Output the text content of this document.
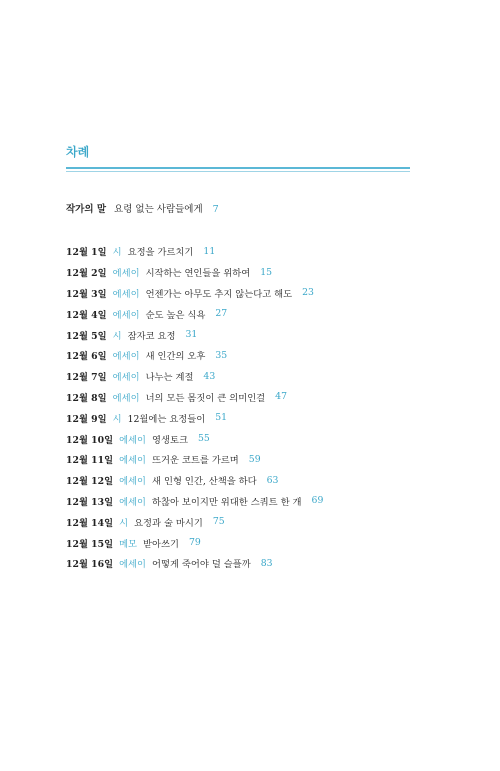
차례
작가의 말 요령 없는 사람들에게 7
12월 1일 시 요정을 가르치기 11
12월 2일 에세이 시작하는 연인들을 위하여 15
12월 3일 에세이 언젠가는 아무도 추지 않는다고 해도 23
12월 4일 에세이 순도 높은 식욕 27
12월 5일 시 잠자코 요정 31
12월 6일 에세이 새 인간의 오후 35
12월 7일 에세이 나누는 계절 43
12월 8일 에세이 너의 모든 몸짓이 큰 의미인걸 47
12월 9일 시 12월에는 요정들이 51
12월 10일 에세이 영생토크 55
12월 11일 에세이 뜨거운 코트를 가르며 59
12월 12일 에세이 새 인형 인간, 산책을 하다 63
12월 13일 에세이 하찮아 보이지만 위대한 스쿼트 한 개 69
12월 14일 시 요정과 술 마시기 75
12월 15일 메모 받아쓰기 79
12월 16일 에세이 어떻게 죽어야 덜 슬플까 83
